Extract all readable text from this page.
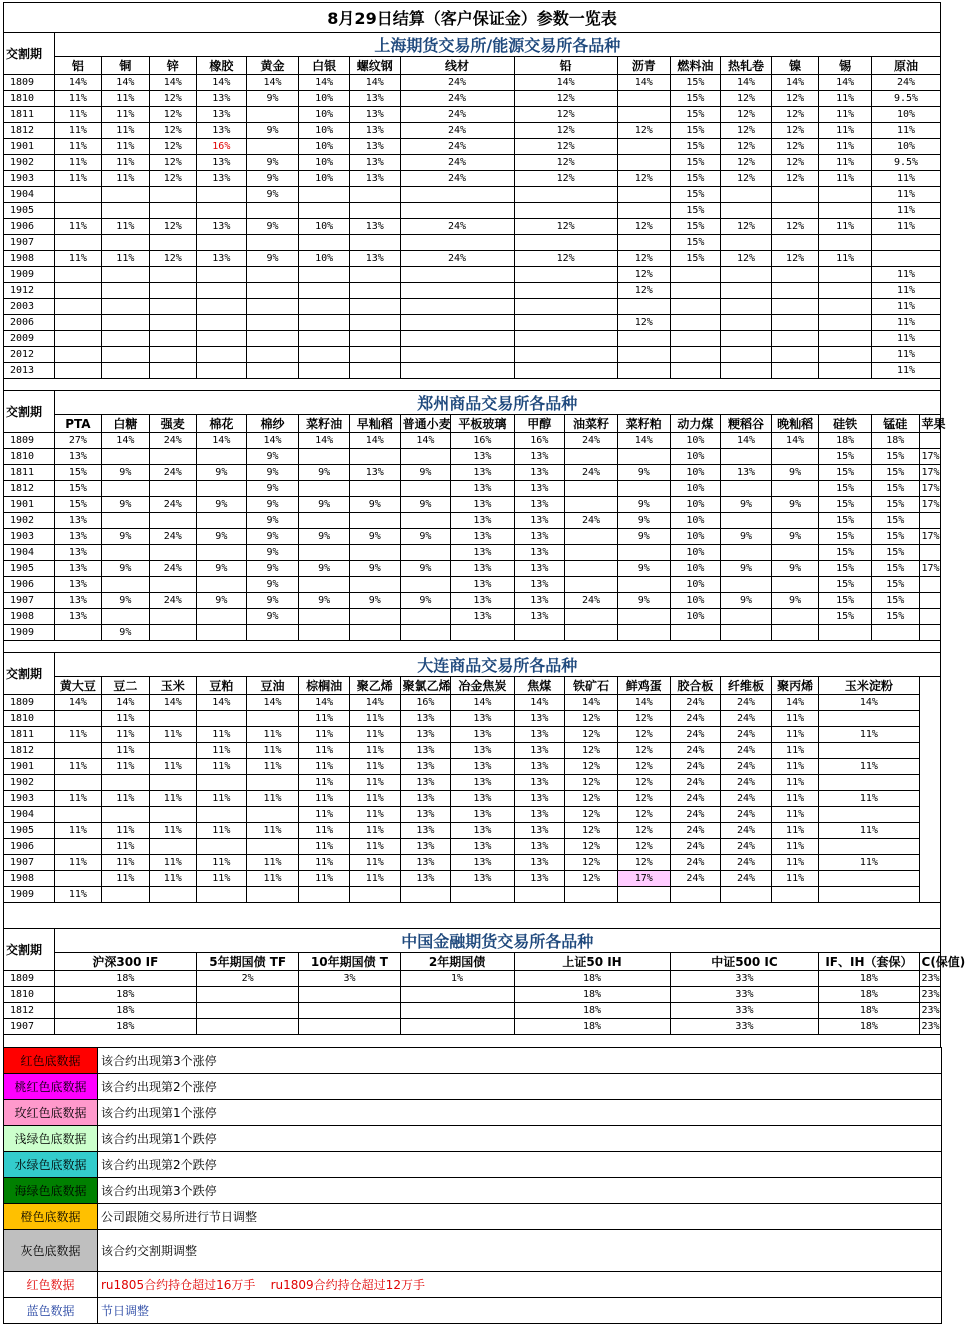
8月29日结算（客户保证金）参数一览表																		
交割期	上海期货交易所/能源交易所各品种																	
	铝	铜	锌	橡胶	黄金	白银	螺纹钢	线材		铅		沥青	燃料油	热轧卷	镍	锡	原油	
1809	14%	14%	14%	14%	14%	14%	14%	24%		14%		14%	15%	14%	14%	14%	24%	
1810	11%	11%	12%	13%	9%	10%	13%	24%		12%			15%	12%	12%	11%	9.5%	
1811	11%	11%	12%	13%		10%	13%	24%		12%			15%	12%	12%	11%	10%	
1812	11%	11%	12%	13%	9%	10%	13%	24%		12%		12%	15%	12%	12%	11%	11%	
1901	11%	11%	12%	16%		10%	13%	24%		12%			15%	12%	12%	11%	10%	
1902	11%	11%	12%	13%	9%	10%	13%	24%		12%			15%	12%	12%	11%	9.5%	
1903	11%	11%	12%	13%	9%	10%	13%	24%		12%		12%	15%	12%	12%	11%	11%	
1904					9%								15%				11%	
1905													15%				11%	
1906	11%	11%	12%	13%	9%	10%	13%	24%		12%		12%	15%	12%	12%	11%	11%	
1907													15%					
1908	11%	11%	12%	13%	9%	10%	13%	24%		12%		12%	15%	12%	12%	11%		
1909												12%					11%	
1912												12%					11%	
2003																	11%	
2006												12%					11%	
2009																	11%	
2012																	11%	
2013																	11%	

交割期	郑州商品交易所各品种																	
	PTA	白糖	强麦	棉花	棉纱	菜籽油	早籼稻	普通小麦	平板玻璃	甲醇	油菜籽	菜籽粕	动力煤	粳稻谷	晚籼稻	硅铁	锰硅	苹果
1809	27%	14%	24%	14%	14%	14%	14%	14%	16%	16%	24%	14%	10%	14%	14%	18%	18%	
1810	13%				9%				13%	13%			10%			15%	15%	17%
1811	15%	9%	24%	9%	9%	9%	13%	9%	13%	13%	24%	9%	10%	13%	9%	15%	15%	17%
1812	15%				9%				13%	13%			10%			15%	15%	17%
1901	15%	9%	24%	9%	9%	9%	9%	9%	13%	13%		9%	10%	9%	9%	15%	15%	17%
1902	13%				9%				13%	13%	24%	9%	10%			15%	15%	
1903	13%	9%	24%	9%	9%	9%	9%	9%	13%	13%		9%	10%	9%	9%	15%	15%	17%
1904	13%				9%				13%	13%			10%			15%	15%	
1905	13%	9%	24%	9%	9%	9%	9%	9%	13%	13%		9%	10%	9%	9%	15%	15%	17%
1906	13%				9%				13%	13%			10%			15%	15%	
1907	13%	9%	24%	9%	9%	9%	9%	9%	13%	13%	24%	9%	10%	9%	9%	15%	15%	
1908	13%				9%				13%	13%			10%			15%	15%	
1909		9%																

交割期	大连商品交易所各品种																	
	黄大豆	豆二	玉米	豆粕	豆油	棕榈油	聚乙烯	聚氯乙烯	冶金焦炭	焦煤	铁矿石	鲜鸡蛋	胶合板	纤维板	聚丙烯	玉米淀粉		
1809	14%	14%	14%	14%	14%	14%	14%	16%	14%	14%	14%	14%	24%	24%	14%	14%		
1810		11%				11%	11%	13%	13%	13%	12%	12%	24%	24%	11%			
1811	11%	11%	11%	11%	11%	11%	11%	13%	13%	13%	12%	12%	24%	24%	11%	11%		
1812		11%		11%	11%	11%	11%	13%	13%	13%	12%	12%	24%	24%	11%			
1901	11%	11%	11%	11%	11%	11%	11%	13%	13%	13%	12%	12%	24%	24%	11%	11%		
1902						11%	11%	13%	13%	13%	12%	12%	24%	24%	11%			
1903	11%	11%	11%	11%	11%	11%	11%	13%	13%	13%	12%	12%	24%	24%	11%	11%		
1904						11%	11%	13%	13%	13%	12%	12%	24%	24%	11%			
1905	11%	11%	11%	11%	11%	11%	11%	13%	13%	13%	12%	12%	24%	24%	11%	11%		
1906		11%				11%	11%	13%	13%	13%	12%	12%	24%	24%	11%			
1907	11%	11%	11%	11%	11%	11%	11%	13%	13%	13%	12%	12%	24%	24%	11%	11%		
1908		11%	11%	11%	11%	11%	11%	13%	13%	13%	12%	17%	24%	24%	11%			
1909	11%																	

交割期	中国金融期货交易所各品种																	
	沪深300 IF			5年期国债 TF		10年期国债 T		2年期国债		上证50 IH			中证500 IC			IF、IH（套保）		C(保值)
1809	18%			2%		3%		1%		18%			33%			18%		23%
1810	18%									18%			33%			18%		23%
1812	18%									18%			33%			18%		23%
1907	18%									18%			33%			18%		23%

红色底数据	该合约出现第3个涨停
桃红色底数据	该合约出现第2个涨停
玫红色底数据	该合约出现第1个涨停
浅绿色底数据	该合约出现第1个跌停
水绿色底数据	该合约出现第2个跌停
海绿色底数据	该合约出现第3个跌停
橙色底数据	公司跟随交易所进行节日调整
灰色底数据	该合约交割期调整
红色数据	ru1805合约持仓超过16万手    ru1809合约持仓超过12万手
蓝色数据	节日调整
